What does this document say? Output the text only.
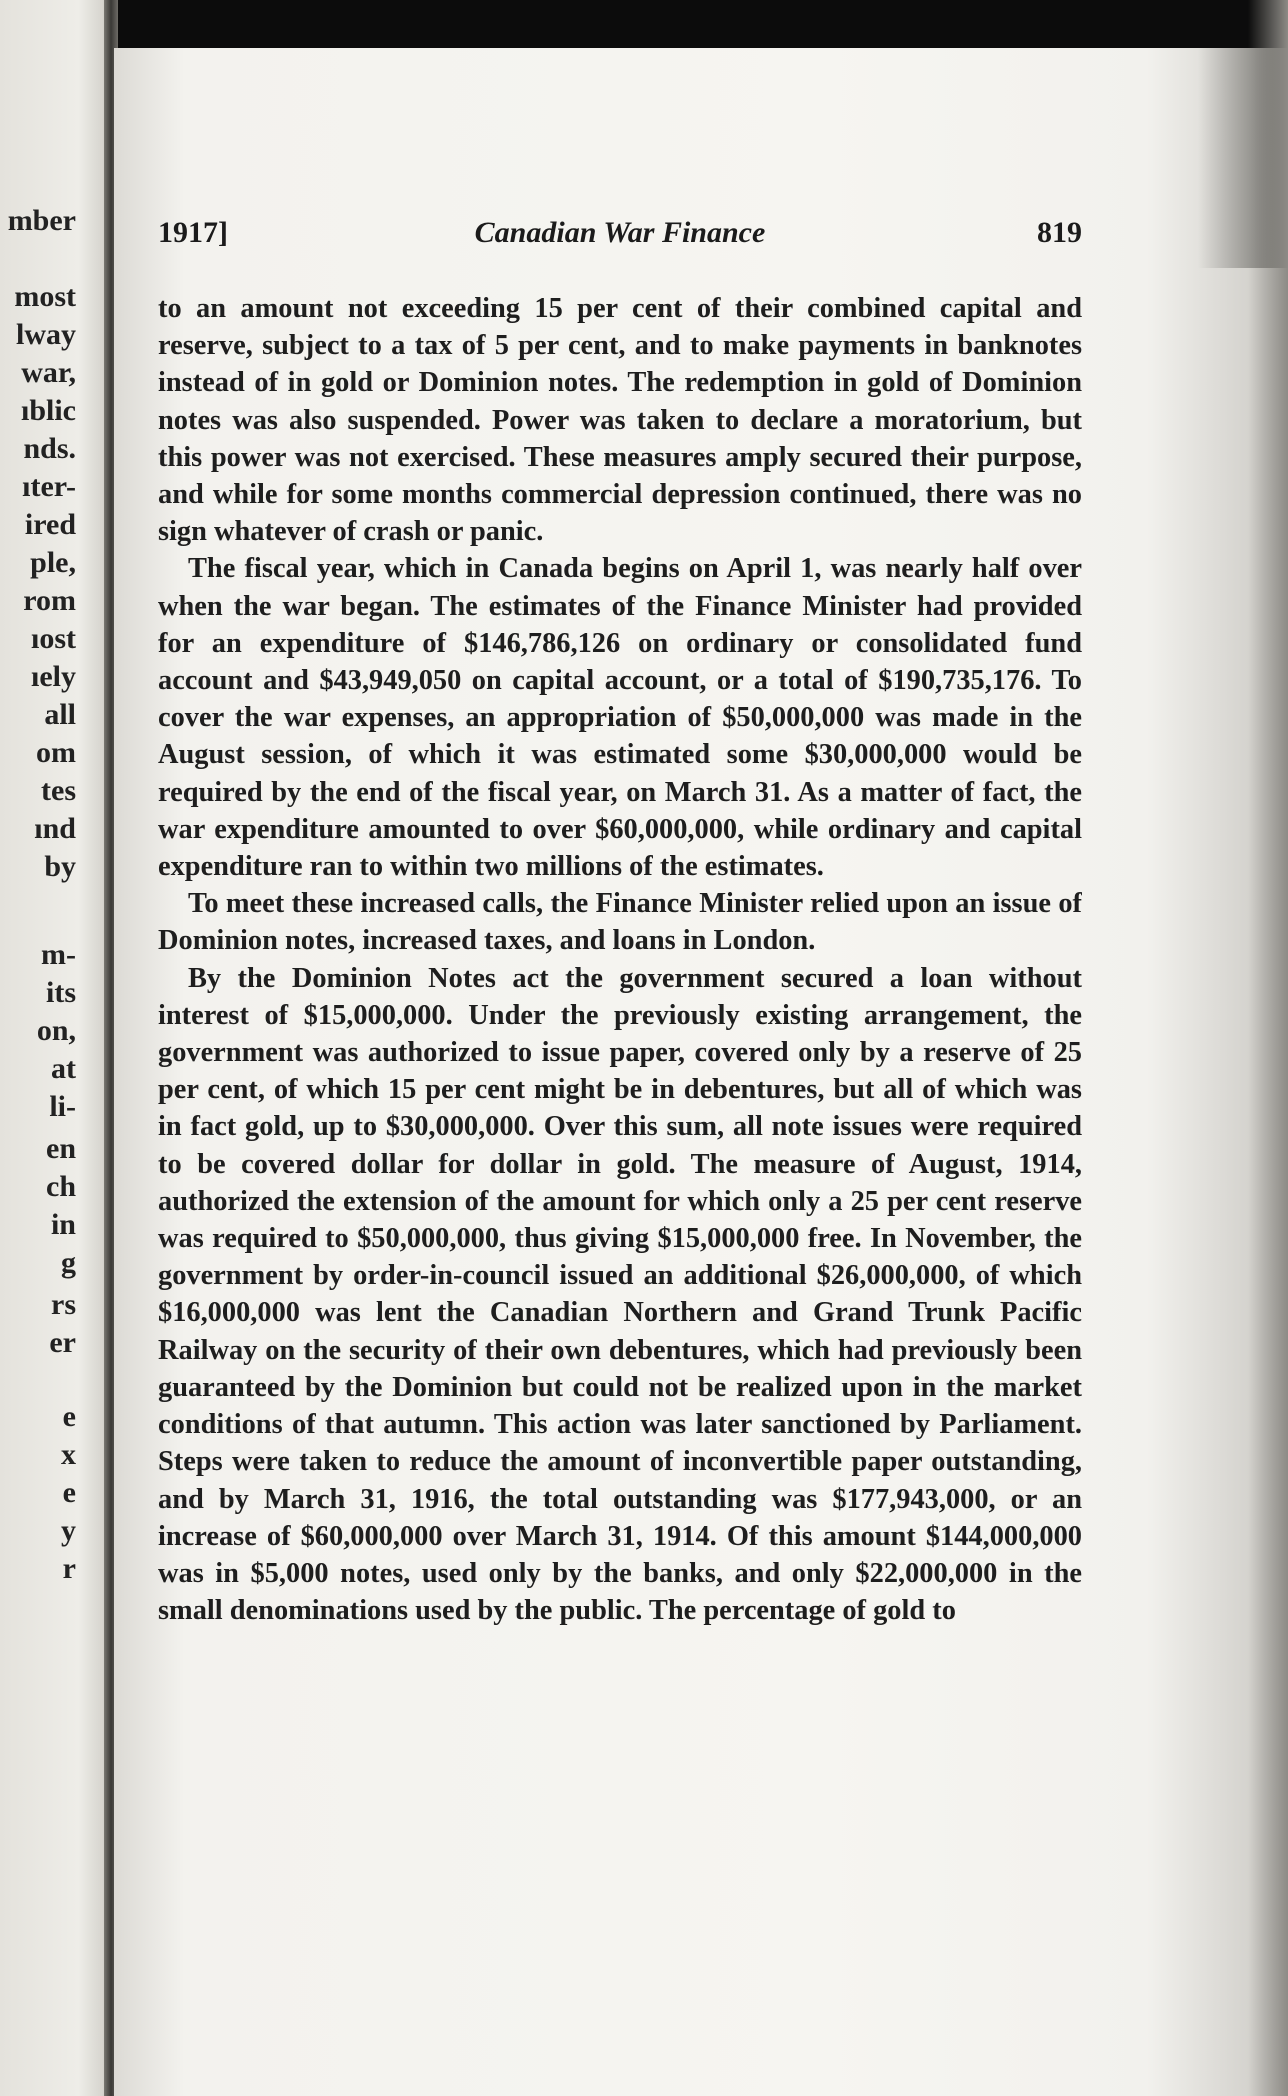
mber
most
lway
war,
ıblic
nds.
ıter-
ired
ple,
rom
ıost
ıely
all
om
tes
ınd
by
m-
its
on,
at
li-
en
ch
in
g
rs
er
e
x
e
y
r
1917]	Canadian War Finance	819

to an amount not exceeding 15 per cent of their combined capital and reserve, subject to a tax of 5 per cent, and to make payments in banknotes instead of in gold or Dominion notes. The redemption in gold of Dominion notes was also suspended. Power was taken to declare a moratorium, but this power was not exercised. These measures amply secured their purpose, and while for some months commercial depression continued, there was no sign whatever of crash or panic.

The fiscal year, which in Canada begins on April 1, was nearly half over when the war began. The estimates of the Finance Minister had provided for an expenditure of $146,786,126 on ordinary or consolidated fund account and $43,949,050 on capital account, or a total of $190,735,176. To cover the war expenses, an appropriation of $50,000,000 was made in the August session, of which it was estimated some $30,000,000 would be required by the end of the fiscal year, on March 31. As a matter of fact, the war expenditure amounted to over $60,000,000, while ordinary and capital expenditure ran to within two millions of the estimates.

To meet these increased calls, the Finance Minister relied upon an issue of Dominion notes, increased taxes, and loans in London.

By the Dominion Notes act the government secured a loan without interest of $15,000,000. Under the previously existing arrangement, the government was authorized to issue paper, covered only by a reserve of 25 per cent, of which 15 per cent might be in debentures, but all of which was in fact gold, up to $30,000,000. Over this sum, all note issues were required to be covered dollar for dollar in gold. The measure of August, 1914, authorized the extension of the amount for which only a 25 per cent reserve was required to $50,000,000, thus giving $15,000,000 free. In November, the government by order-in-council issued an additional $26,000,000, of which $16,000,000 was lent the Canadian Northern and Grand Trunk Pacific Railway on the security of their own debentures, which had previously been guaranteed by the Dominion but could not be realized upon in the market conditions of that autumn. This action was later sanctioned by Parliament. Steps were taken to reduce the amount of inconvertible paper outstanding, and by March 31, 1916, the total outstanding was $177,943,000, or an increase of $60,000,000 over March 31, 1914. Of this amount $144,000,000 was in $5,000 notes, used only by the banks, and only $22,000,000 in the small denominations used by the public. The percentage of gold to
